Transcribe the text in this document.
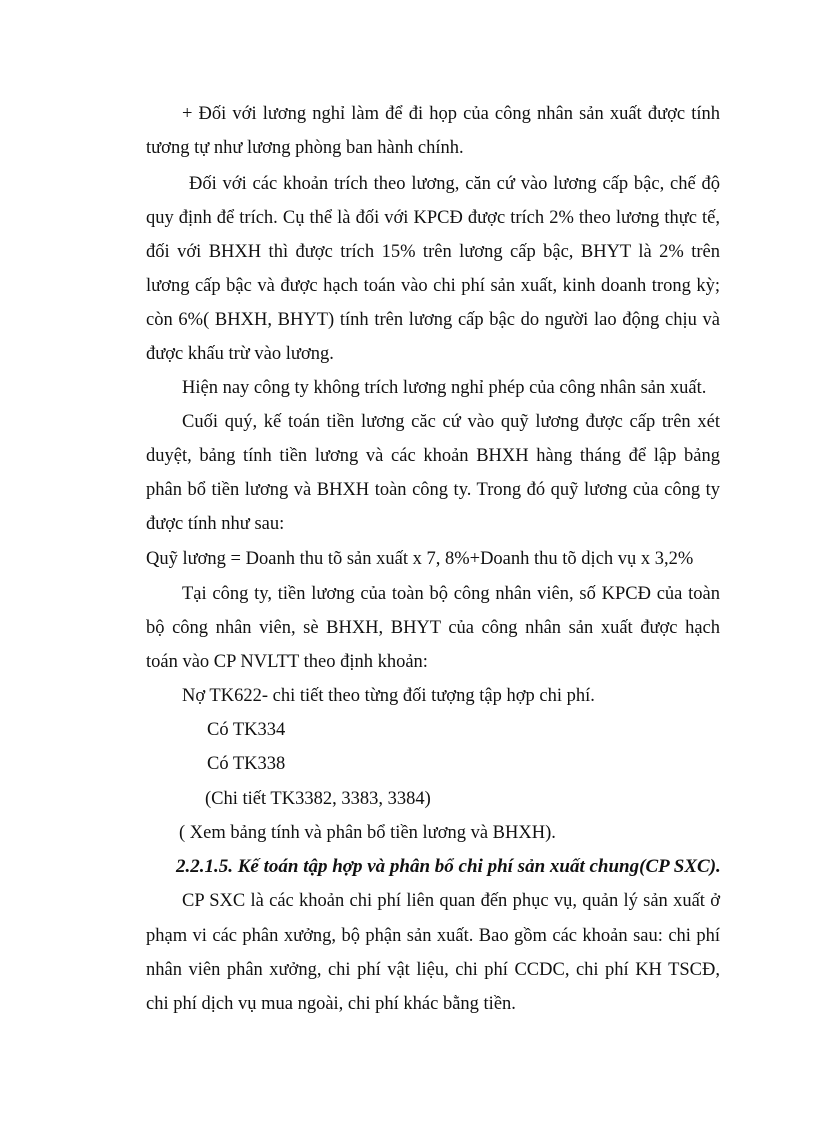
+ Đối với lương nghỉ làm để đi họp của công nhân sản xuất được tính
tương tự như lương phòng ban hành chính.
Đối với các khoản trích theo lương, căn cứ vào lương cấp bậc, chế độ
quy định để trích. Cụ thể là đối với KPCĐ được trích 2% theo lương thực tế,
đối với BHXH thì được trích 15% trên lương cấp bậc, BHYT là 2% trên
lương cấp bậc và được hạch toán vào chi phí sản xuất, kinh doanh trong kỳ;
còn 6%( BHXH, BHYT) tính trên lương cấp bậc do người lao động chịu và
được khấu trừ vào lương.
Hiện nay công ty không trích lương nghỉ phép của công nhân sản xuất.
Cuối quý, kế toán tiền lương căc cứ vào quỹ lương được cấp trên xét
duyệt, bảng tính tiền lương và các khoản BHXH hàng tháng để lập bảng
phân bổ tiền lương và BHXH toàn công ty. Trong đó quỹ lương của công ty
được tính như sau:
Quỹ lương = Doanh thu tõ sản xuất x 7, 8%+Doanh thu tõ dịch vụ x 3,2%
Tại công ty, tiền lương của toàn bộ công nhân viên, số KPCĐ của toàn
bộ công nhân viên, sè BHXH, BHYT của công nhân sản xuất được hạch
toán vào CP NVLTT theo định khoản:
Nợ TK622- chi tiết theo từng đối tượng tập hợp chi phí.
Có TK334
Có TK338
(Chi tiết TK3382, 3383, 3384)
( Xem bảng tính và phân bổ tiền lương và BHXH).
2.2.1.5. Kế toán tập hợp và phân bổ chi phí sản xuất chung(CP SXC).
CP SXC là các khoản chi phí liên quan đến phục vụ, quản lý sản xuất ở
phạm vi các phân xưởng, bộ phận sản xuất. Bao gồm các khoản sau: chi phí
nhân viên phân xưởng, chi phí vật liệu, chi phí CCDC, chi phí KH TSCĐ,
chi phí dịch vụ mua ngoài, chi phí khác bằng tiền.
